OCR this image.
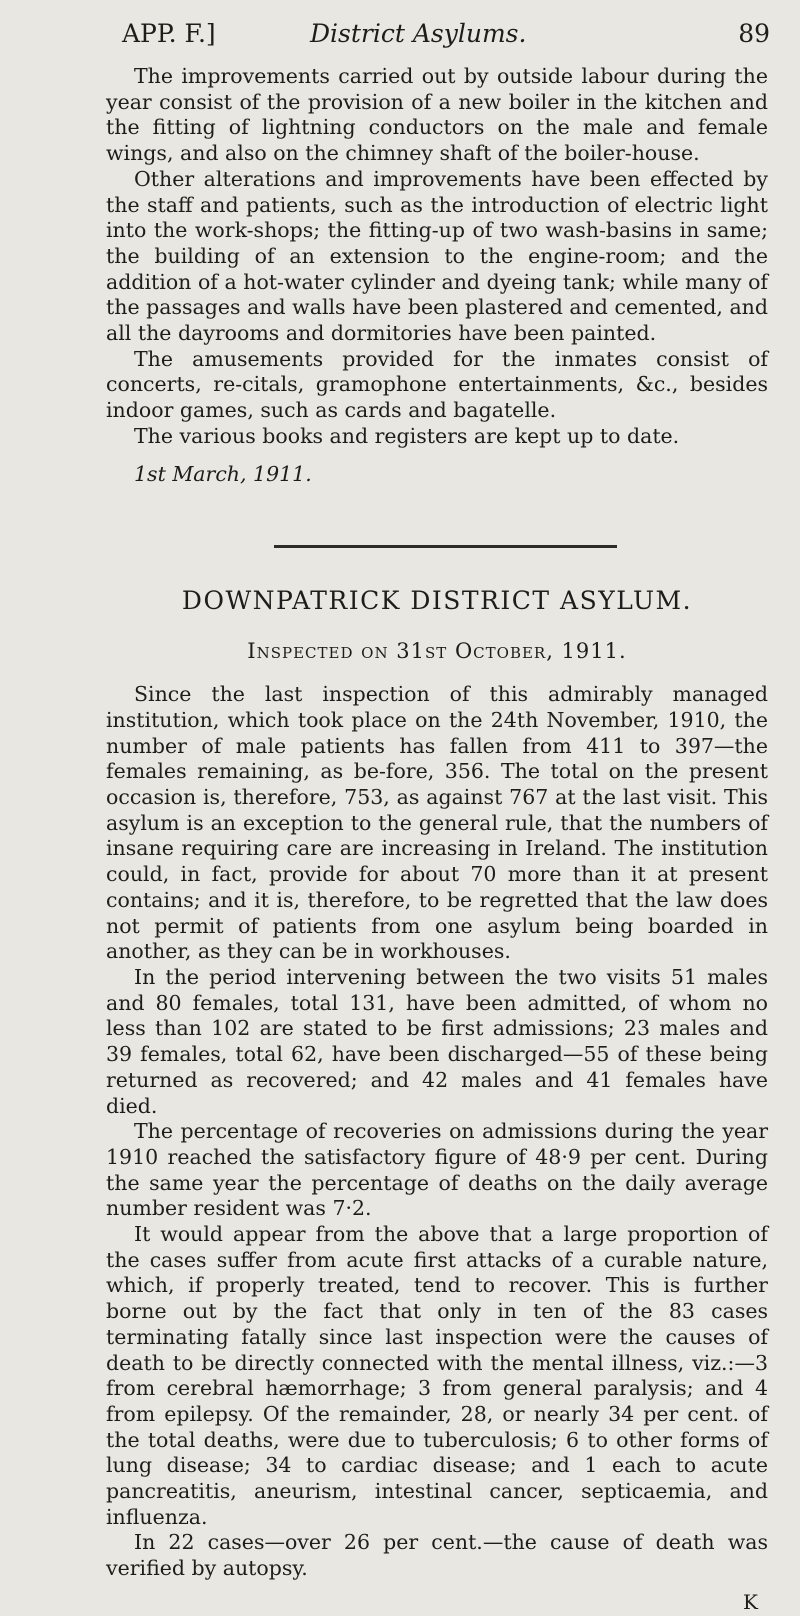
APP. F.]	District Asylums.	89

The improvements carried out by outside labour during the year consist of the provision of a new boiler in the kitchen and the fitting of lightning conductors on the male and female wings, and also on the chimney shaft of the boiler-house.

Other alterations and improvements have been effected by the staff and patients, such as the introduction of electric light into the work-shops; the fitting-up of two wash-basins in same; the building of an extension to the engine-room; and the addition of a hot-water cylinder and dyeing tank; while many of the passages and walls have been plastered and cemented, and all the dayrooms and dormitories have been painted.

The amusements provided for the inmates consist of concerts, re-citals, gramophone entertainments, &c., besides indoor games, such as cards and bagatelle.

The various books and registers are kept up to date.

1st March, 1911.

DOWNPATRICK DISTRICT ASYLUM.
Inspected on 31st October, 1911.

Since the last inspection of this admirably managed institution, which took place on the 24th November, 1910, the number of male patients has fallen from 411 to 397—the females remaining, as be-fore, 356. The total on the present occasion is, therefore, 753, as against 767 at the last visit. This asylum is an exception to the general rule, that the numbers of insane requiring care are increasing in Ireland. The institution could, in fact, provide for about 70 more than it at present contains; and it is, therefore, to be regretted that the law does not permit of patients from one asylum being boarded in another, as they can be in workhouses.

In the period intervening between the two visits 51 males and 80 females, total 131, have been admitted, of whom no less than 102 are stated to be first admissions; 23 males and 39 females, total 62, have been discharged—55 of these being returned as recovered; and 42 males and 41 females have died.

The percentage of recoveries on admissions during the year 1910 reached the satisfactory figure of 48·9 per cent. During the same year the percentage of deaths on the daily average number resident was 7·2.

It would appear from the above that a large proportion of the cases suffer from acute first attacks of a curable nature, which, if properly treated, tend to recover. This is further borne out by the fact that only in ten of the 83 cases terminating fatally since last inspection were the causes of death to be directly connected with the mental illness, viz.:—3 from cerebral hæmorrhage; 3 from general paralysis; and 4 from epilepsy. Of the remainder, 28, or nearly 34 per cent. of the total deaths, were due to tuberculosis; 6 to other forms of lung disease; 34 to cardiac disease; and 1 each to acute pancreatitis, aneurism, intestinal cancer, septicaemia, and influenza.

In 22 cases—over 26 per cent.—the cause of death was verified by autopsy.

K
